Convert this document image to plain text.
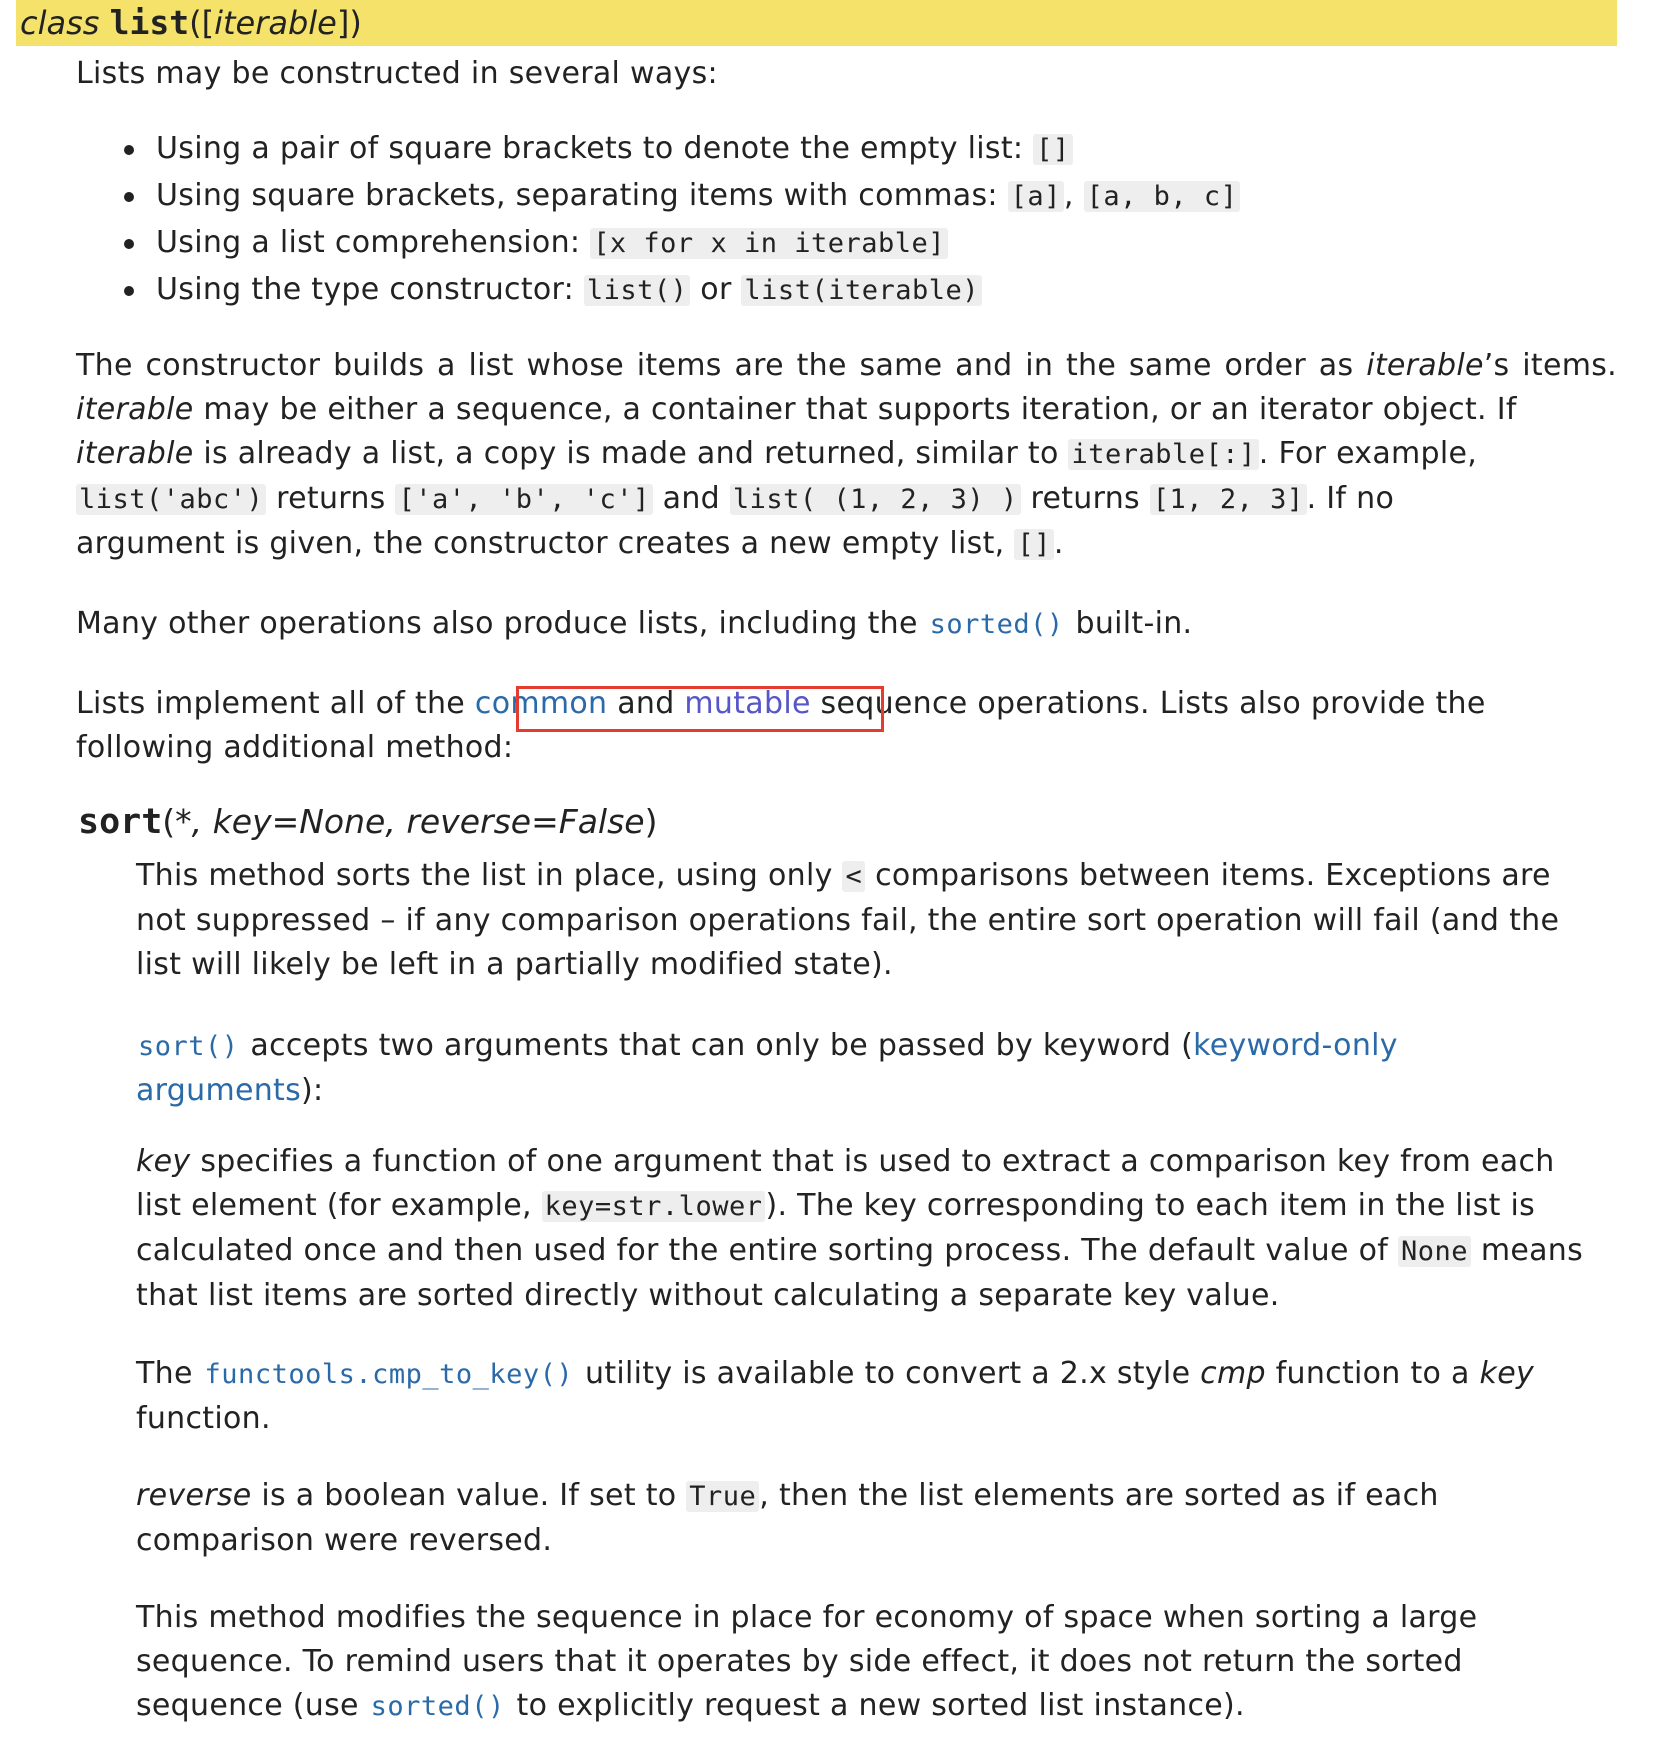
class list([iterable])
Lists may be constructed in several ways:
Using a pair of square brackets to denote the empty list: []
Using square brackets, separating items with commas: [a] , [a, b, c]
Using a list comprehension: [x for x in iterable]
Using the type constructor: list() or list(iterable)
The constructor builds a list whose items are the same and in the same order as iterable’s items.
iterable may be either a sequence, a container that supports iteration, or an iterator object. If
iterable is already a list, a copy is made and returned, similar to iterable[:] . For example,
list('abc') returns ['a', 'b', 'c'] and list( (1, 2, 3) ) returns [1, 2, 3] . If no
argument is given, the constructor creates a new empty list, [] .
Many other operations also produce lists, including the sorted() built-in.
Lists implement all of the common and mutable sequence operations. Lists also provide the
following additional method:
sort(*, key=None, reverse=False)
This method sorts the list in place, using only < comparisons between items. Exceptions are
not suppressed – if any comparison operations fail, the entire sort operation will fail (and the
list will likely be left in a partially modified state).
sort() accepts two arguments that can only be passed by keyword (keyword-only
arguments):
key specifies a function of one argument that is used to extract a comparison key from each
list element (for example, key=str.lower ). The key corresponding to each item in the list is
calculated once and then used for the entire sorting process. The default value of None means
that list items are sorted directly without calculating a separate key value.
The functools.cmp_to_key() utility is available to convert a 2.x style cmp function to a key
function.
reverse is a boolean value. If set to True , then the list elements are sorted as if each
comparison were reversed.
This method modifies the sequence in place for economy of space when sorting a large
sequence. To remind users that it operates by side effect, it does not return the sorted
sequence (use sorted() to explicitly request a new sorted list instance).
